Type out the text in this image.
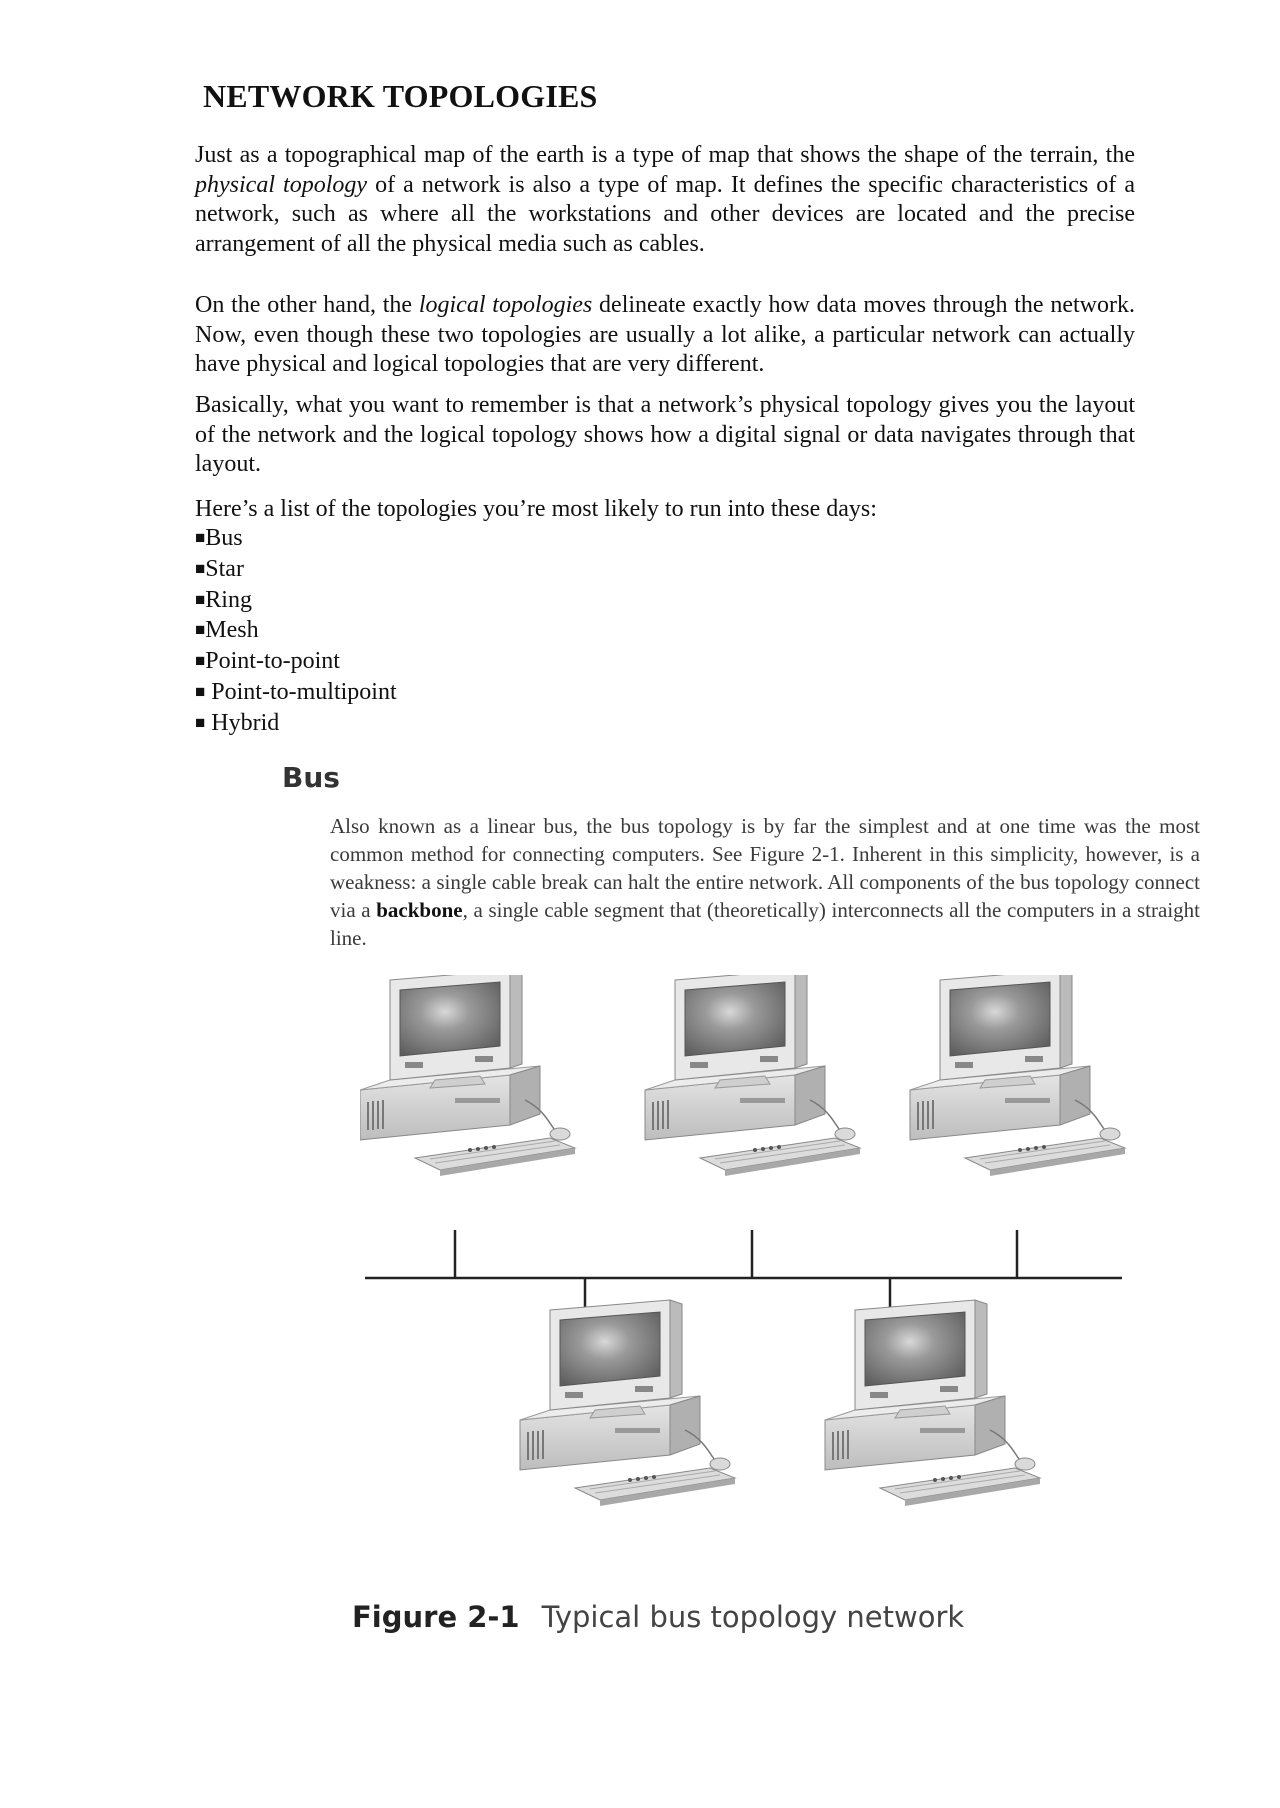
NETWORK TOPOLOGIES

Just as a topographical map of the earth is a type of map that shows the shape of the terrain, the physical topology of a network is also a type of map. It defines the specific characteristics of a network, such as where all the workstations and other devices are located and the precise arrangement of all the physical media such as cables.

On the other hand, the logical topologies delineate exactly how data moves through the network. Now, even though these two topologies are usually a lot alike, a particular network can actually have physical and logical topologies that are very different.

Basically, what you want to remember is that a network’s physical topology gives you the layout of the network and the logical topology shows how a digital signal or data navigates through that layout.

Here’s a list of the topologies you’re most likely to run into these days:

■Bus
■Star
■Ring
■Mesh
■Point-to-point
■ Point-to-multipoint
■ Hybrid
Bus

Also known as a linear bus, the bus topology is by far the simplest and at one time was the most common method for connecting computers. See Figure 2-1. Inherent in this simplicity, however, is a weakness: a single cable break can halt the entire network. All components of the bus topology connect via a backbone, a single cable segment that (theoretically) interconnects all the computers in a straight line.

Figure 2-1 Typical bus topology network
